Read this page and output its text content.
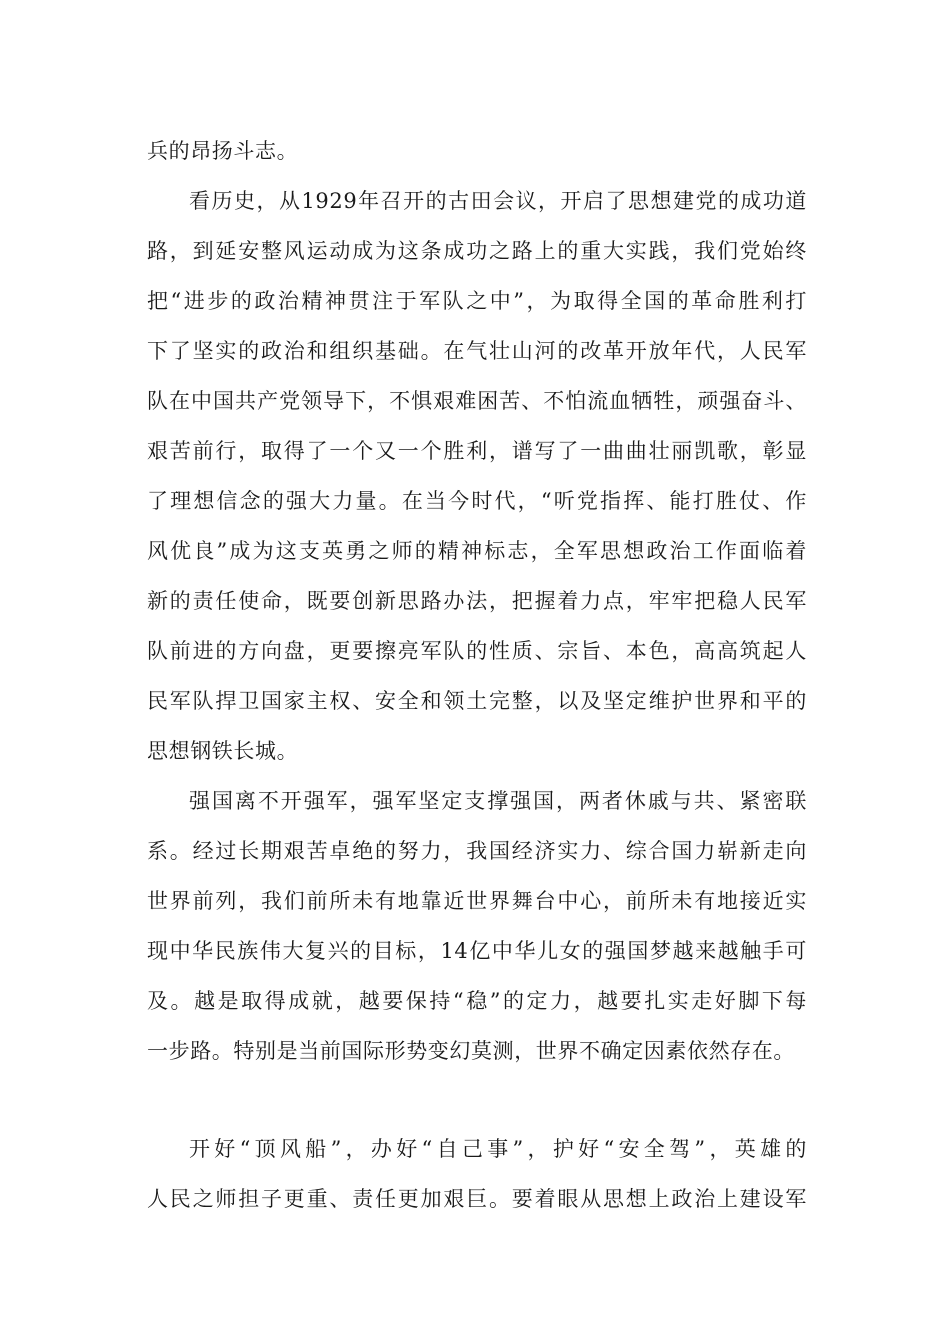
兵的昂扬斗志。
看历史，从1929年召开的古田会议，开启了思想建党的成功道
路，到延安整风运动成为这条成功之路上的重大实践，我们党始终
把“进步的政治精神贯注于军队之中”，为取得全国的革命胜利打
下了坚实的政治和组织基础。在气壮山河的改革开放年代，人民军
队在中国共产党领导下，不惧艰难困苦、不怕流血牺牲，顽强奋斗、
艰苦前行，取得了一个又一个胜利，谱写了一曲曲壮丽凯歌，彰显
了理想信念的强大力量。在当今时代，“听党指挥、能打胜仗、作
风优良”成为这支英勇之师的精神标志，全军思想政治工作面临着
新的责任使命，既要创新思路办法，把握着力点，牢牢把稳人民军
队前进的方向盘，更要擦亮军队的性质、宗旨、本色，高高筑起人
民军队捍卫国家主权、安全和领土完整，以及坚定维护世界和平的
思想钢铁长城。
强国离不开强军，强军坚定支撑强国，两者休戚与共、紧密联
系。经过长期艰苦卓绝的努力，我国经济实力、综合国力崭新走向
世界前列，我们前所未有地靠近世界舞台中心，前所未有地接近实
现中华民族伟大复兴的目标，14亿中华儿女的强国梦越来越触手可
及。越是取得成就，越要保持“稳”的定力，越要扎实走好脚下每
一步路。特别是当前国际形势变幻莫测，世界不确定因素依然存在。
开好“顶风船”，办好“自己事”，护好“安全驾”，英雄的
人民之师担子更重、责任更加艰巨。要着眼从思想上政治上建设军
